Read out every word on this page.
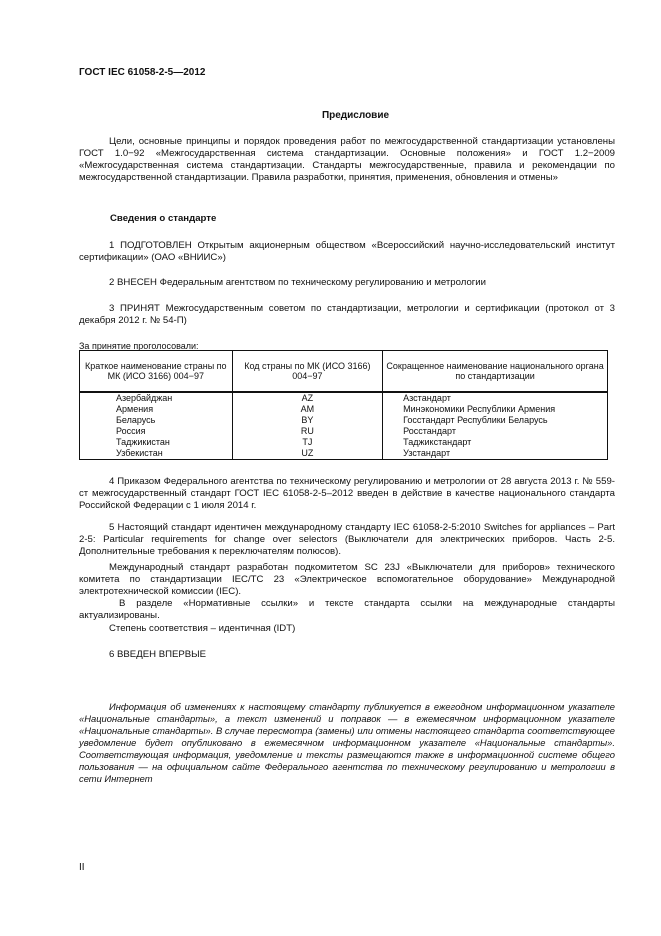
ГОСТ IEC 61058-2-5—2012
Предисловие
Цели, основные принципы и порядок проведения работ по межгосударственной стандартизации установлены ГОСТ 1.0−92 «Межгосударственная система стандартизации. Основные положения» и ГОСТ 1.2−2009 «Межгосударственная система стандартизации. Стандарты межгосударственные, правила и рекомендации по межгосударственной стандартизации. Правила разработки, принятия, применения, обновления и отмены»
Сведения о стандарте
1 ПОДГОТОВЛЕН Открытым акционерным обществом «Всероссийский научно-исследовательский институт сертификации» (ОАО «ВНИИС»)
2 ВНЕСЕН Федеральным агентством по техническому регулированию и метрологии
3 ПРИНЯТ Межгосударственным советом по стандартизации, метрологии и сертификации (протокол от 3 декабря 2012 г. № 54-П)
За принятие проголосовали:
Краткое наименование страны по МК (ИСО 3166) 004−97	Код страны по МК (ИСО 3166) 004−97	Сокращенное наименование национального органа по стандартизации
Азербайджан	AZ	Азстандарт
Армения	AM	Минэкономики Республики Армения
Беларусь	BY	Госстандарт Республики Беларусь
Россия	RU	Росстандарт
Таджикистан	TJ	Таджикстандарт
Узбекистан	UZ	Узстандарт
4 Приказом Федерального агентства по техническому регулированию и метрологии от 28 августа 2013 г. № 559-ст межгосударственный стандарт ГОСТ IEC 61058-2-5–2012 введен в действие в качестве национального стандарта Российской Федерации с 1 июля 2014 г.
5 Настоящий стандарт идентичен международному стандарту IEC 61058-2-5:2010 Switches for appliances – Part 2-5: Particular requirements for change over selectors (Выключатели для электрических приборов. Часть 2-5. Дополнительные требования к переключателям полюсов).
Международный стандарт разработан подкомитетом SC 23J «Выключатели для приборов» технического комитета по стандартизации IEC/TC 23 «Электрическое вспомогательное оборудование» Международной электротехнической комиссии (IEC).
В разделе «Нормативные ссылки» и тексте стандарта ссылки на международные стандарты актуализированы.
Степень соответствия – идентичная (IDT)
6 ВВЕДЕН ВПЕРВЫЕ
Информация об изменениях к настоящему стандарту публикуется в ежегодном информационном указателе «Национальные стандарты», а текст изменений и поправок — в ежемесячном информационном указателе «Национальные стандарты». В случае пересмотра (замены) или отмены настоящего стандарта соответствующее уведомление будет опубликовано в ежемесячном информационном указателе «Национальные стандарты». Соответствующая информация, уведомление и тексты размещаются также в информационной системе общего пользования — на официальном сайте Федерального агентства по техническому регулированию и метрологии в сети Интернет
II
